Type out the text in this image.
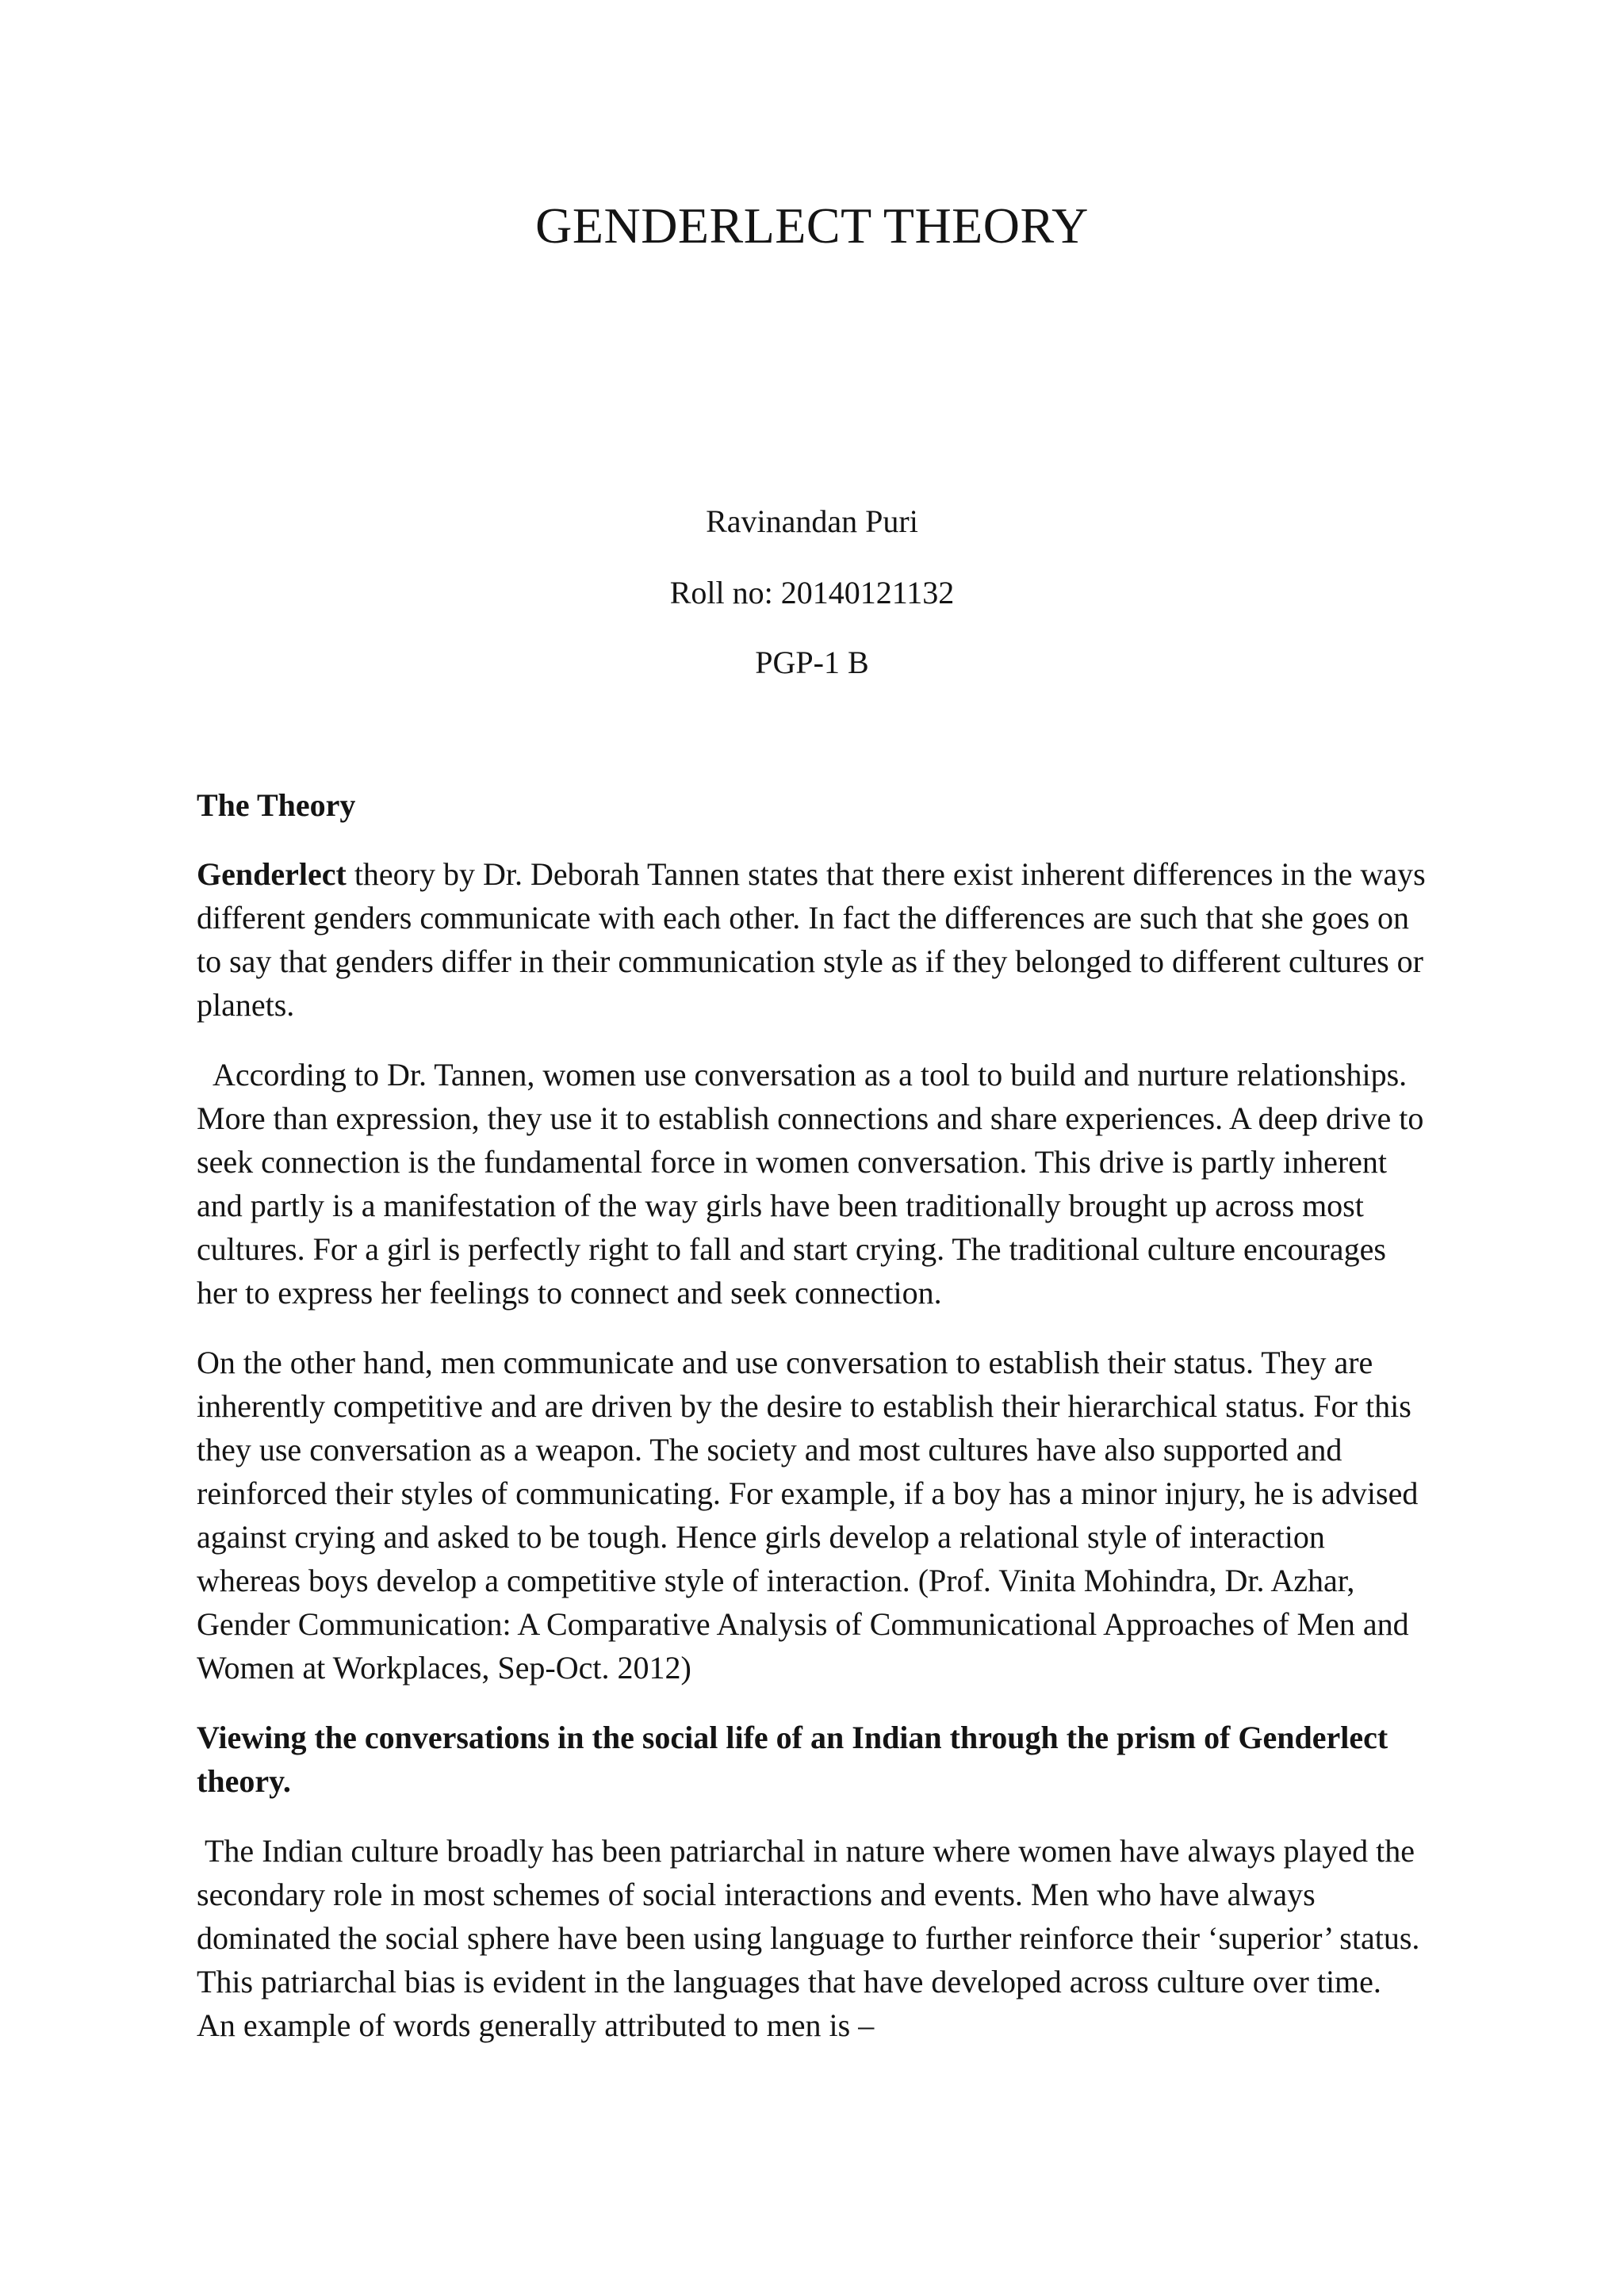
GENDERLECT THEORY
Ravinandan Puri
Roll no: 20140121132
PGP-1 B
The Theory

Genderlect theory by Dr. Deborah Tannen states that there exist inherent differences in the ways different genders communicate with each other. In fact the differences are such that she goes on to say that genders differ in their communication style as if they belonged to different cultures or planets.

According to Dr. Tannen, women use conversation as a tool to build and nurture relationships. More than expression, they use it to establish connections and share experiences. A deep drive to seek connection is the fundamental force in women conversation. This drive is partly inherent and partly is a manifestation of the way girls have been traditionally brought up across most cultures. For a girl is perfectly right to fall and start crying. The traditional culture encourages her to express her feelings to connect and seek connection.

On the other hand, men communicate and use conversation to establish their status. They are inherently competitive and are driven by the desire to establish their hierarchical status. For this they use conversation as a weapon. The society and most cultures have also supported and reinforced their styles of communicating. For example, if a boy has a minor injury, he is advised against crying and asked to be tough. Hence girls develop a relational style of interaction whereas boys develop a competitive style of interaction. (Prof. Vinita Mohindra, Dr. Azhar, Gender Communication: A Comparative Analysis of Communicational Approaches of Men and Women at Workplaces, Sep-Oct. 2012)

Viewing the conversations in the social life of an Indian through the prism of Genderlect theory.

The Indian culture broadly has been patriarchal in nature where women have always played the secondary role in most schemes of social interactions and events. Men who have always dominated the social sphere have been using language to further reinforce their ‘superior’ status. This patriarchal bias is evident in the languages that have developed across culture over time.   An example of words generally attributed to men is –
